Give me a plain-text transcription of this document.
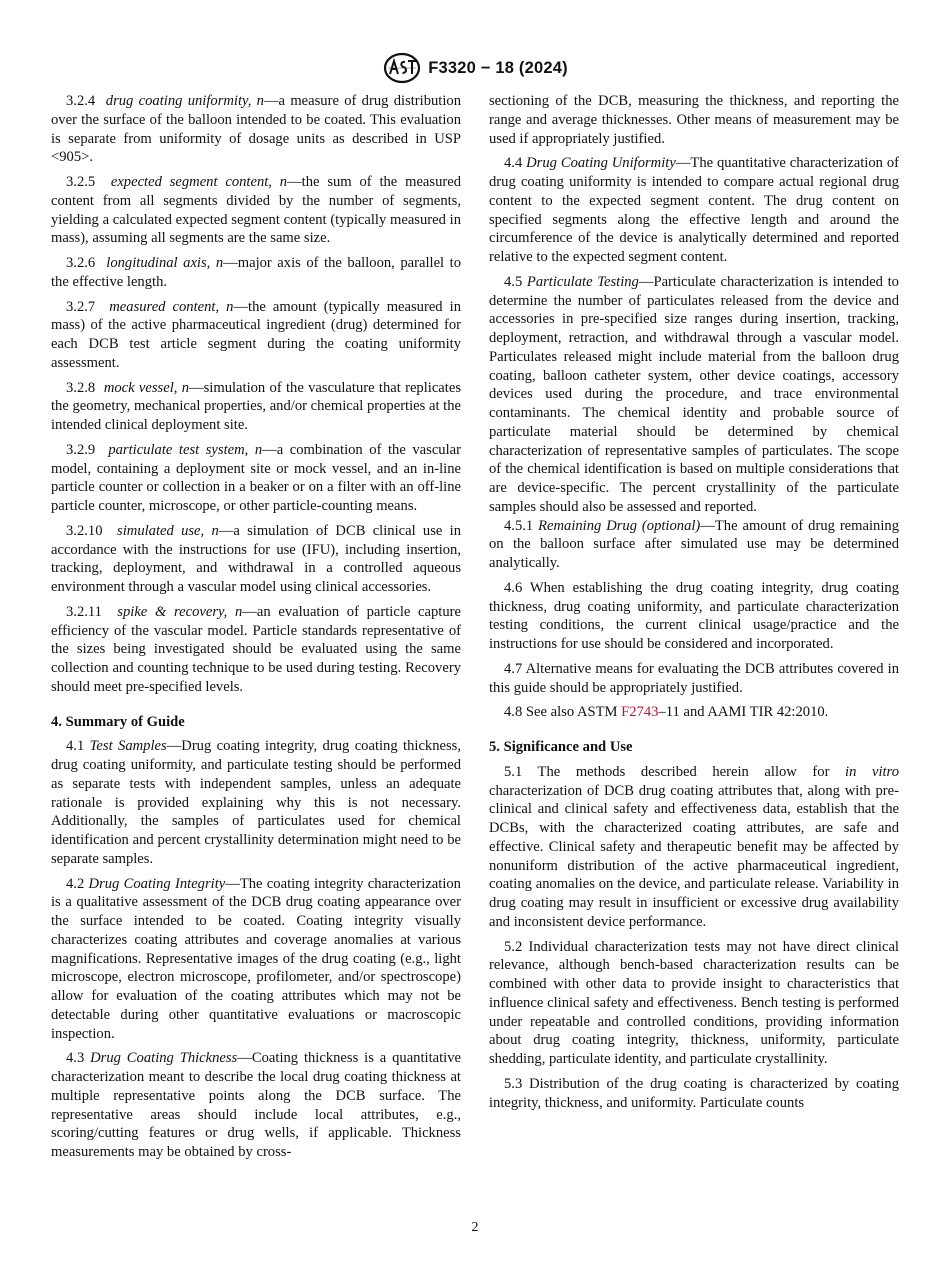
F3320 − 18 (2024)

3.2.4 drug coating uniformity, n—a measure of drug distribution over the surface of the balloon intended to be coated. This evaluation is separate from uniformity of dosage units as described in USP <905>.

3.2.5 expected segment content, n—the sum of the measured content from all segments divided by the number of segments, yielding a calculated expected segment content (typically measured in mass), assuming all segments are the same size.

3.2.6 longitudinal axis, n—major axis of the balloon, parallel to the effective length.

3.2.7 measured content, n—the amount (typically measured in mass) of the active pharmaceutical ingredient (drug) determined for each DCB test article segment during the coating uniformity assessment.

3.2.8 mock vessel, n—simulation of the vasculature that replicates the geometry, mechanical properties, and/or chemical properties at the intended clinical deployment site.

3.2.9 particulate test system, n—a combination of the vascular model, containing a deployment site or mock vessel, and an in-line particle counter or collection in a beaker or on a filter with an off-line particle counter, microscope, or other particle-counting means.

3.2.10 simulated use, n—a simulation of DCB clinical use in accordance with the instructions for use (IFU), including insertion, tracking, deployment, and withdrawal in a controlled aqueous environment through a vascular model using clinical accessories.

3.2.11 spike & recovery, n—an evaluation of particle capture efficiency of the vascular model. Particle standards representative of the sizes being investigated should be evaluated using the same collection and counting technique to be used during testing. Recovery should meet pre-specified levels.

4. Summary of Guide

4.1 Test Samples—Drug coating integrity, drug coating thickness, drug coating uniformity, and particulate testing should be performed as separate tests with independent samples, unless an adequate rationale is provided explaining why this is not necessary. Additionally, the samples of particulates used for chemical identification and percent crystallinity determination might need to be separate samples.

4.2 Drug Coating Integrity—The coating integrity characterization is a qualitative assessment of the DCB drug coating appearance over the surface intended to be coated. Coating integrity visually characterizes coating attributes and coverage anomalies at various magnifications. Representative images of the drug coating (e.g., light microscope, electron microscope, profilometer, and/or spectroscope) allow for evaluation of the coating attributes which may not be detectable during other quantitative evaluations or macroscopic inspection.

4.3 Drug Coating Thickness—Coating thickness is a quantitative characterization meant to describe the local drug coating thickness at multiple representative points along the DCB surface. The representative areas should include local attributes, e.g., scoring/cutting features or drug wells, if applicable. Thickness measurements may be obtained by cross-

sectioning of the DCB, measuring the thickness, and reporting the range and average thicknesses. Other means of measurement may be used if appropriately justified.

4.4 Drug Coating Uniformity—The quantitative characterization of drug coating uniformity is intended to compare actual regional drug content to the expected segment content. The drug content on specified segments along the effective length and around the circumference of the device is analytically determined and reported relative to the expected segment content.

4.5 Particulate Testing—Particulate characterization is intended to determine the number of particulates released from the device and accessories in pre-specified size ranges during insertion, tracking, deployment, retraction, and withdrawal through a vascular model. Particulates released might include material from the balloon drug coating, balloon catheter system, other device coatings, accessory devices used during the procedure, and trace environmental contaminants. The chemical identity and probable source of particulate material should be determined by chemical characterization of representative samples of particulates. The scope of the chemical identification is based on multiple considerations that are device-specific. The percent crystallinity of the particulate samples should also be assessed and reported.

4.5.1 Remaining Drug (optional)—The amount of drug remaining on the balloon surface after simulated use may be determined analytically.

4.6 When establishing the drug coating integrity, drug coating thickness, drug coating uniformity, and particulate characterization testing conditions, the current clinical usage/practice and the instructions for use should be considered and incorporated.

4.7 Alternative means for evaluating the DCB attributes covered in this guide should be appropriately justified.

4.8 See also ASTM F2743–11 and AAMI TIR 42:2010.

5. Significance and Use

5.1 The methods described herein allow for in vitro characterization of DCB drug coating attributes that, along with pre-clinical and clinical safety and effectiveness data, establish that the DCBs, with the characterized coating attributes, are safe and effective. Clinical safety and therapeutic benefit may be affected by nonuniform distribution of the active pharmaceutical ingredient, coating anomalies on the device, and particulate release. Variability in drug coating may result in insufficient or excessive drug availability and inconsistent device performance.

5.2 Individual characterization tests may not have direct clinical relevance, although bench-based characterization results can be combined with other data to provide insight to characteristics that influence clinical safety and effectiveness. Bench testing is performed under repeatable and controlled conditions, providing information about drug coating integrity, thickness, uniformity, particulate shedding, particulate identity, and particulate crystallinity.

5.3 Distribution of the drug coating is characterized by coating integrity, thickness, and uniformity. Particulate counts

2
